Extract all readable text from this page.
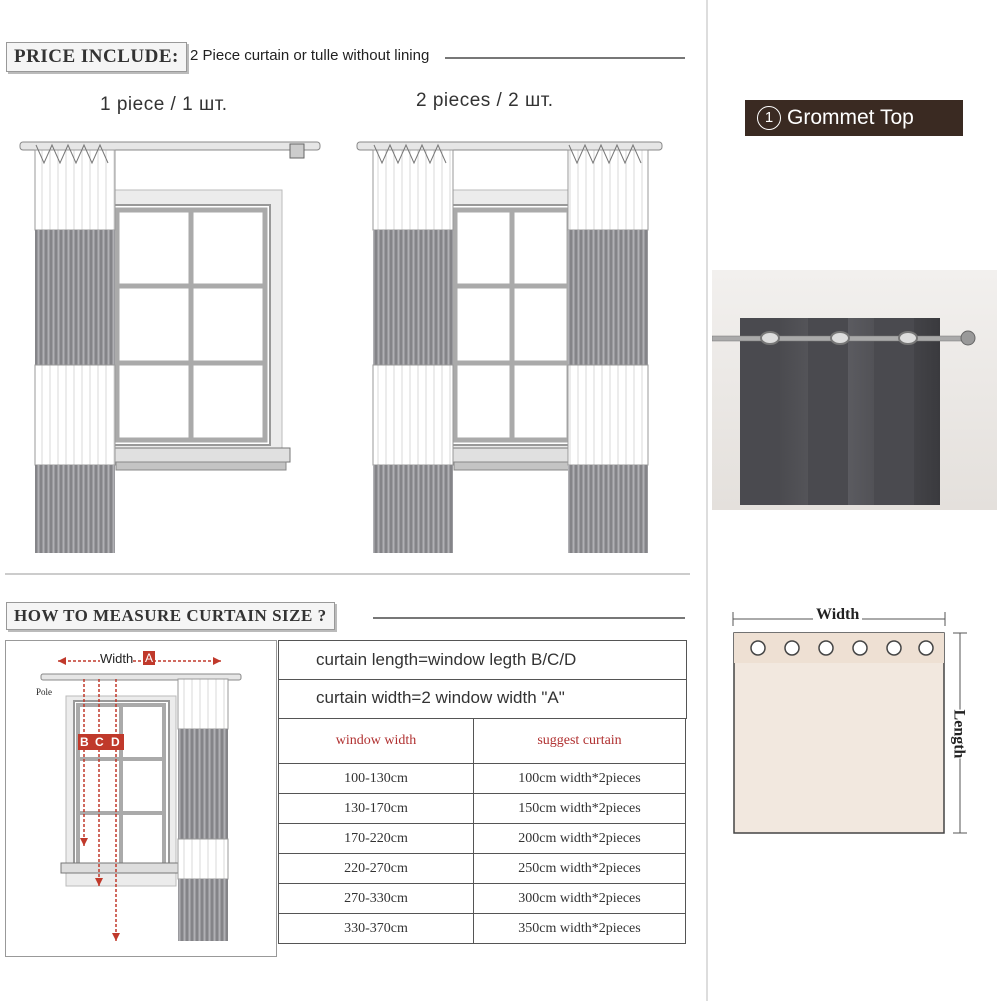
PRICE INCLUDE: 2 Piece curtain or tulle without lining
1 piece / 1 шт.	2 pieces / 2 шт.
HOW TO MEASURE CURTAIN SIZE ?
Width A
Pole
B C D
curtain length=window legth B/C/D
curtain width=2 window width "A"
window width	suggest curtain
100-130cm	100cm width*2pieces
130-170cm	150cm width*2pieces
170-220cm	200cm width*2pieces
220-270cm	250cm width*2pieces
270-330cm	300cm width*2pieces
330-370cm	350cm width*2pieces
1 Grommet Top
Width
Length
